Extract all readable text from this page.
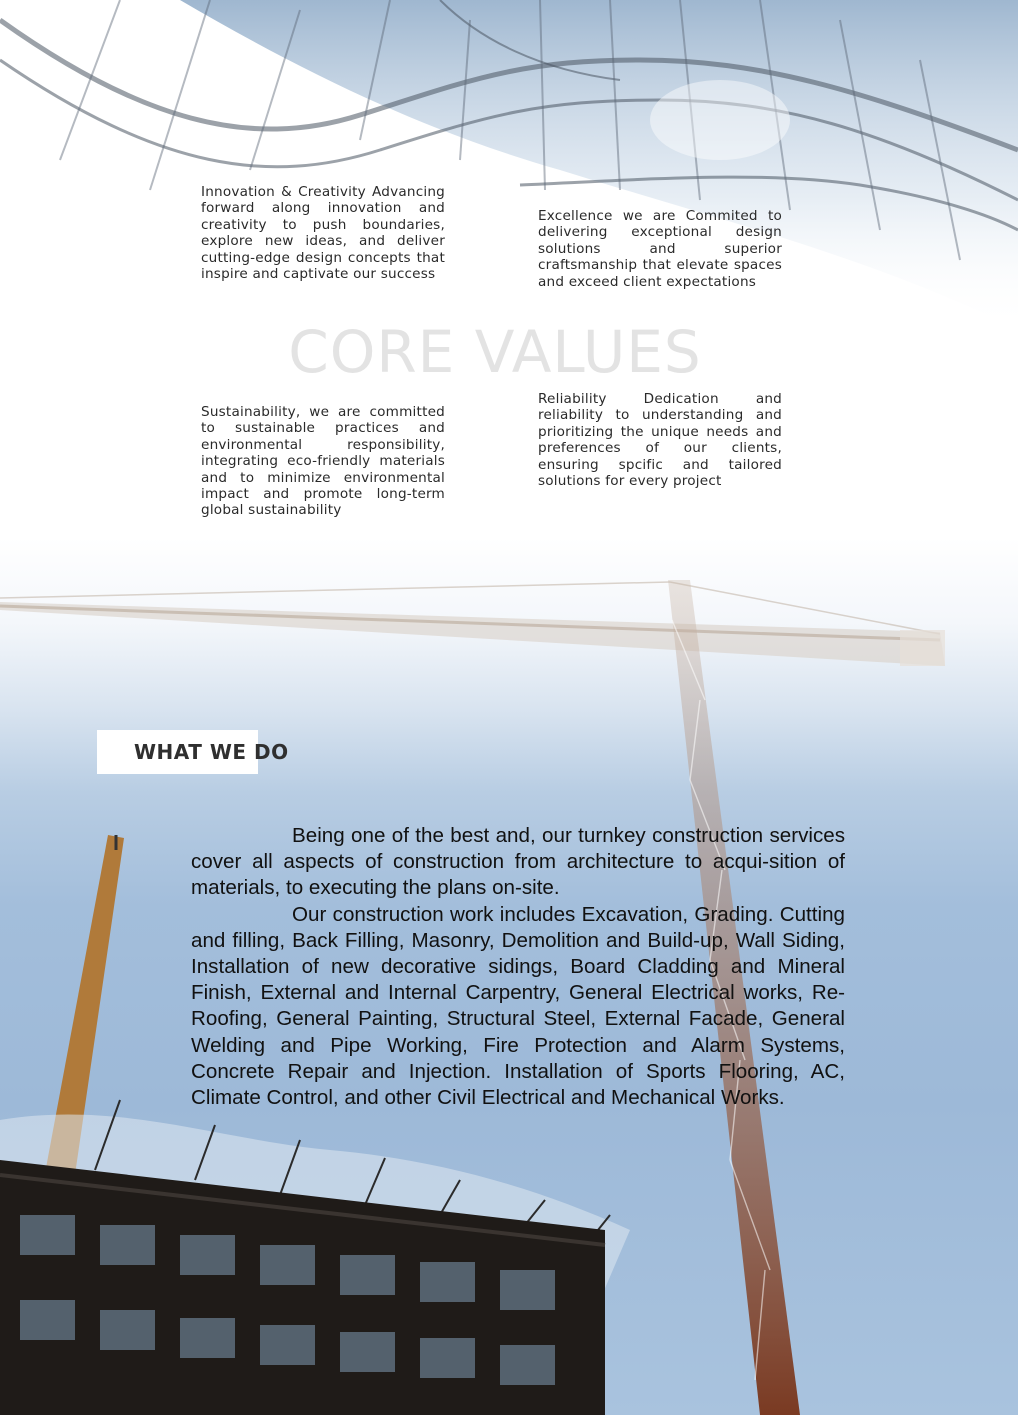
Innovation & Creativity Advancing forward along innovation and creativity to push boundaries, explore new ideas, and deliver cutting-edge design concepts that inspire and captivate our success

Excellence we are Commited to delivering exceptional design solutions and superior craftsmanship that elevate spaces and exceed client expectations

CORE VALUES

Sustainability, we are committed to sustainable practices and environmental responsibility, integrating eco-friendly materials and to minimize environmental impact and promote long-term global sustainability

Reliability Dedication and reliability to understanding and prioritizing the unique needs and preferences of our clients, ensuring spcific and tailored solutions for every project

WHAT WE DO

Being one of the best and, our turnkey construction services cover all aspects of construction from architecture to acqui-sition of materials, to executing the plans on-site.

Our construction work includes Excavation, Grading. Cutting and filling, Back Filling, Masonry, Demolition and Build-up, Wall Siding, Installation of new decorative sidings, Board Cladding and Mineral Finish, External and Internal Carpentry, General Electrical works, Re-Roofing, General Painting, Structural Steel, External Facade, General Welding and Pipe Working, Fire Protection and Alarm Systems, Concrete Repair and Injection. Installation of Sports Flooring, AC, Climate Control, and other Civil Electrical and Mechanical Works.
